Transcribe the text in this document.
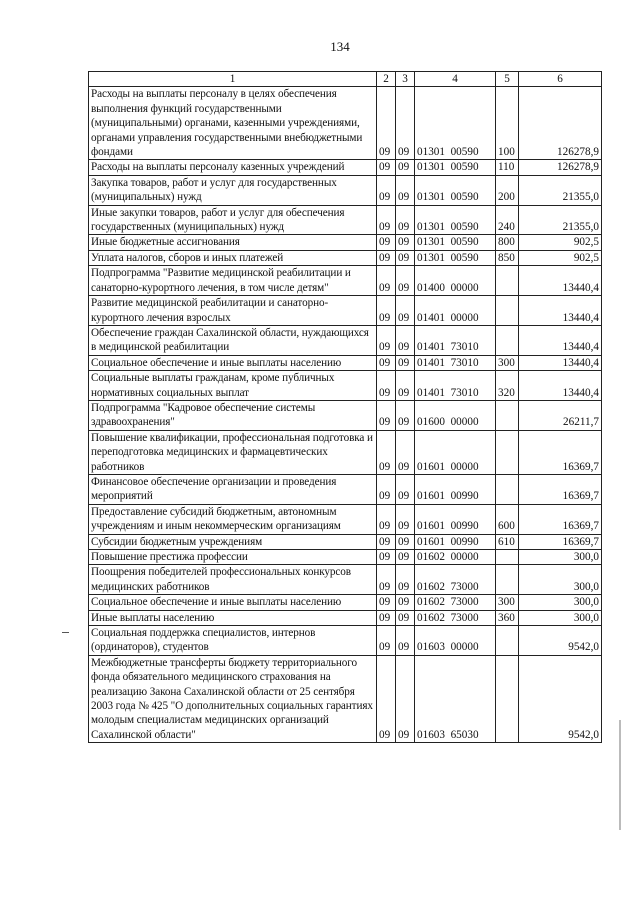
134
1	2	3	4	5	6
Расходы на выплаты персоналу в целях обеспечения выполнения функций государственными (муниципальными) органами, казенными учреждениями, органами управления государственными внебюджетными фондами	09	09	01301  00590	100	126278,9
Расходы на выплаты персоналу казенных учреждений	09	09	01301  00590	110	126278,9
Закупка товаров, работ и услуг для государственных (муниципальных) нужд	09	09	01301  00590	200	21355,0
Иные закупки товаров, работ и услуг для обеспечения государственных (муниципальных) нужд	09	09	01301  00590	240	21355,0
Иные бюджетные ассигнования	09	09	01301  00590	800	902,5
Уплата налогов, сборов и иных платежей	09	09	01301  00590	850	902,5
Подпрограмма "Развитие медицинской реабилитации и санаторно-курортного лечения, в том числе детям"	09	09	01400  00000		13440,4
Развитие медицинской реабилитации и санаторно-курортного лечения взрослых	09	09	01401  00000		13440,4
Обеспечение граждан Сахалинской области, нуждающихся в медицинской реабилитации	09	09	01401  73010		13440,4
Социальное обеспечение и иные выплаты населению	09	09	01401  73010	300	13440,4
Социальные выплаты гражданам, кроме публичных нормативных социальных выплат	09	09	01401  73010	320	13440,4
Подпрограмма "Кадровое обеспечение системы здравоохранения"	09	09	01600  00000		26211,7
Повышение квалификации, профессиональная подготовка и переподготовка медицинских и фармацевтических работников	09	09	01601  00000		16369,7
Финансовое обеспечение организации и проведения мероприятий	09	09	01601  00990		16369,7
Предоставление субсидий бюджетным, автономным учреждениям и иным некоммерческим организациям	09	09	01601  00990	600	16369,7
Субсидии бюджетным учреждениям	09	09	01601  00990	610	16369,7
Повышение престижа профессии	09	09	01602  00000		300,0
Поощрения победителей профессиональных конкурсов медицинских работников	09	09	01602  73000		300,0
Социальное обеспечение и иные выплаты населению	09	09	01602  73000	300	300,0
Иные выплаты населению	09	09	01602  73000	360	300,0
Социальная поддержка специалистов, интернов (ординаторов), студентов	09	09	01603  00000		9542,0
Межбюджетные трансферты бюджету территориального фонда обязательного медицинского страхования на реализацию Закона Сахалинской области от 25 сентября 2003 года № 425 "О дополнительных социальных гарантиях молодым специалистам медицинских организаций Сахалинской области"	09	09	01603  65030		9542,0
